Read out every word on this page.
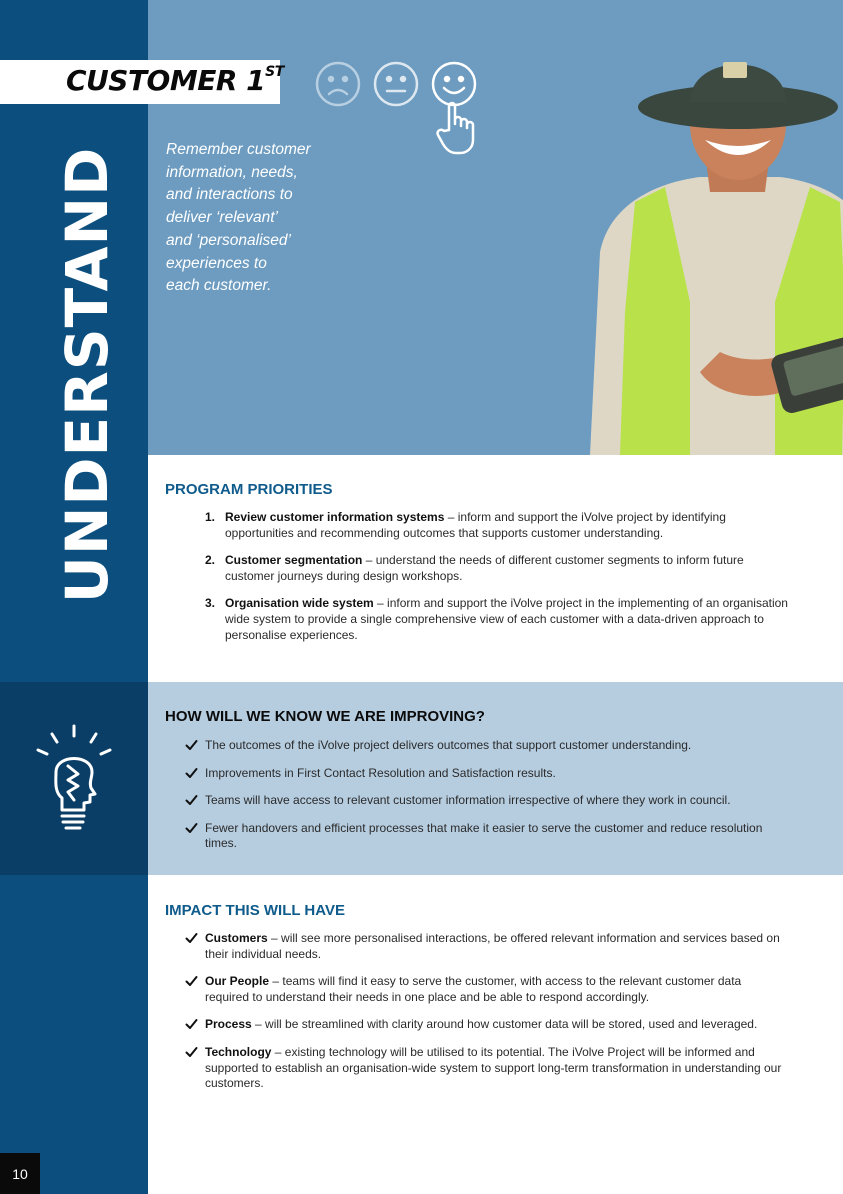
UNDERSTAND
10
CUSTOMER 1ST
Remember customer
information, needs,
and interactions to
deliver ‘relevant’
and ‘personalised’
experiences to
each customer.
PROGRAM PRIORITIES
1. Review customer information systems – inform and support the iVolve project by identifying opportunities and recommending outcomes that supports customer understanding.
2. Customer segmentation – understand the needs of different customer segments to inform future customer journeys during design workshops.
3. Organisation wide system – inform and support the iVolve project in the implementing of an organisation wide system to provide a single comprehensive view of each customer with a data-driven approach to personalise experiences.
HOW WILL WE KNOW WE ARE IMPROVING?
The outcomes of the iVolve project delivers outcomes that support customer understanding.
Improvements in First Contact Resolution and Satisfaction results.
Teams will have access to relevant customer information irrespective of where they work in council.
Fewer handovers and efficient processes that make it easier to serve the customer and reduce resolution times.
IMPACT THIS WILL HAVE
Customers – will see more personalised interactions, be offered relevant information and services based on their individual needs.
Our People – teams will find it easy to serve the customer, with access to the relevant customer data required to understand their needs in one place and be able to respond accordingly.
Process – will be streamlined with clarity around how customer data will be stored, used and leveraged.
Technology – existing technology will be utilised to its potential. The iVolve Project will be informed and supported to establish an organisation-wide system to support long-term transformation in understanding our customers.
